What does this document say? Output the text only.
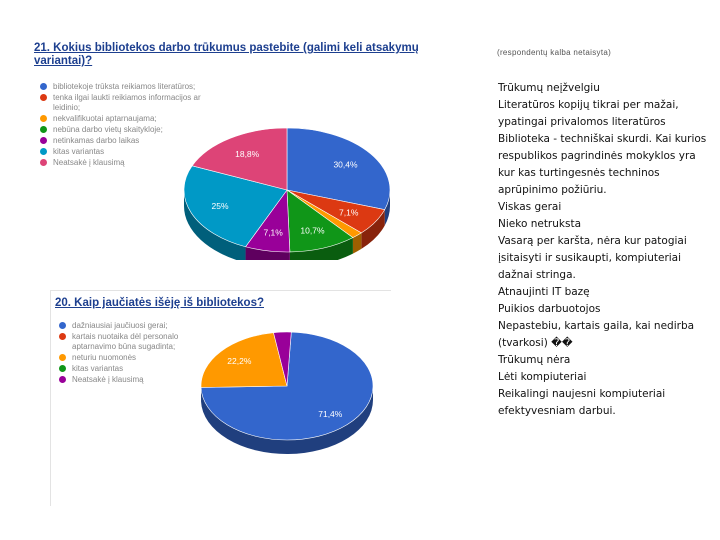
21. Kokius bibliotekos darbo trūkumus pastebite (galimi keli atsakymų variantai)?
bibliotekoje trūksta reikiamos literatūros;
tenka ilgai laukti reikiamos informacijos ar leidinio;
nekvalifikuotai aptarnaujama;
nebūna darbo vietų skaitykloje;
netinkamas darbo laikas
kitas variantas
Neatsakė į klausimą	30,4%
7,1%
10,7%
7,1%
25%
18,8%
20. Kaip jaučiatės išėję iš bibliotekos?
dažniausiai jaučiuosi gerai;
kartais nuotaika dėl personalo aptarnavimo būna sugadinta;
neturiu nuomonės
kitas variantas
Neatsakė į klausimą
71,4%
22,2%
(respondentų kalba netaisyta)
Trūkumų neįžvelgiu
Literatūros kopijų tikrai per mažai, ypatingai privalomos literatūros
Biblioteka - techniškai skurdi. Kai kurios respublikos pagrindinės mokyklos yra kur kas turtingesnės techninos aprūpinimo požiūriu.
Viskas gerai
Nieko netruksta
Vasarą per karšta, nėra kur patogiai įsitaisyti ir susikaupti, kompiuteriai dažnai stringa.
Atnaujinti IT bazę
Puikios darbuotojos
Nepastebiu, kartais gaila, kai nedirba (tvarkosi) ��
Trūkumų nėra
Lėti kompiuteriai
Reikalingi naujesni kompiuteriai efektyvesniam darbui.
